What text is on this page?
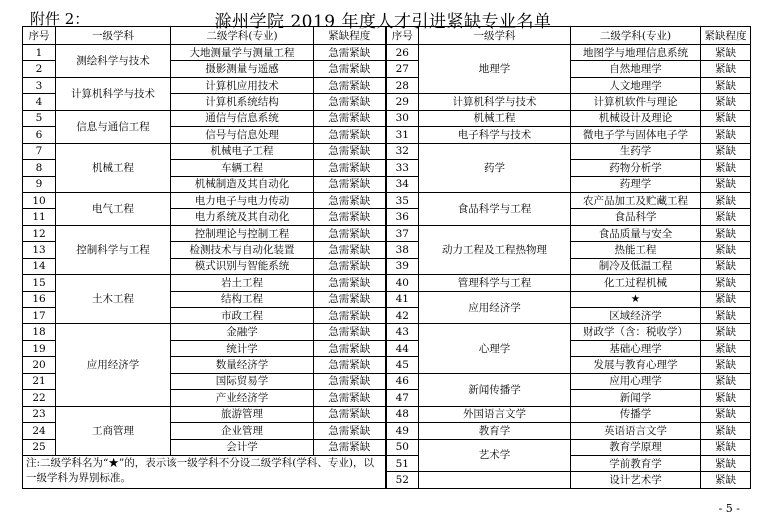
附件 2：	滁州学院 2019 年度人才引进紧缺专业名单
序号	一级学科	二级学科(专业)	紧缺程度	序号	一级学科	二级学科(专业)	紧缺程度
1	测绘科学与技术	大地测量学与测量工程	急需紧缺	26	地理学	地图学与地理信息系统	紧缺
2		摄影测量与遥感	急需紧缺	27		自然地理学	紧缺
3	计算机科学与技术	计算机应用技术	急需紧缺	28		人文地理学	紧缺
4		计算机系统结构	急需紧缺	29	计算机科学与技术	计算机软件与理论	紧缺
5	信息与通信工程	通信与信息系统	急需紧缺	30	机械工程	机械设计及理论	紧缺
6		信号与信息处理	急需紧缺	31	电子科学与技术	微电子学与固体电子学	紧缺
7	机械工程	机械电子工程	急需紧缺	32	药学	生药学	紧缺
8		车辆工程	急需紧缺	33		药物分析学	紧缺
9		机械制造及其自动化	急需紧缺	34		药理学	紧缺
10	电气工程	电力电子与电力传动	急需紧缺	35	食品科学与工程	农产品加工及贮藏工程	紧缺
11		电力系统及其自动化	急需紧缺	36		食品科学	紧缺
12	控制科学与工程	控制理论与控制工程	急需紧缺	37	动力工程及工程热物理	食品质量与安全	紧缺
13		检测技术与自动化装置	急需紧缺	38		热能工程	紧缺
14		模式识别与智能系统	急需紧缺	39		制冷及低温工程	紧缺
15	土木工程	岩土工程	急需紧缺	40	管理科学与工程	化工过程机械	紧缺
16		结构工程	急需紧缺	41	应用经济学	★	紧缺
17		市政工程	急需紧缺	42		区域经济学	紧缺
18	应用经济学	金融学	急需紧缺	43	心理学	财政学（含：税收学）	紧缺
19		统计学	急需紧缺	44		基础心理学	紧缺
20		数量经济学	急需紧缺	45		发展与教育心理学	紧缺
21		国际贸易学	急需紧缺	46	新闻传播学	应用心理学	紧缺
22		产业经济学	急需紧缺	47		新闻学	紧缺
23	工商管理	旅游管理	急需紧缺	48	外国语言文学	传播学	紧缺
24		企业管理	急需紧缺	49	教育学	英语语言文学	紧缺
25		会计学	急需紧缺	50	艺术学	教育学原理	紧缺
注:二级学科名为“★”的，表示该一级学科不分设二级学科(学科、专业)，以一级学科为界别标准。				51		学前教育学	紧缺
				52		设计艺术学	紧缺
- 5 -
